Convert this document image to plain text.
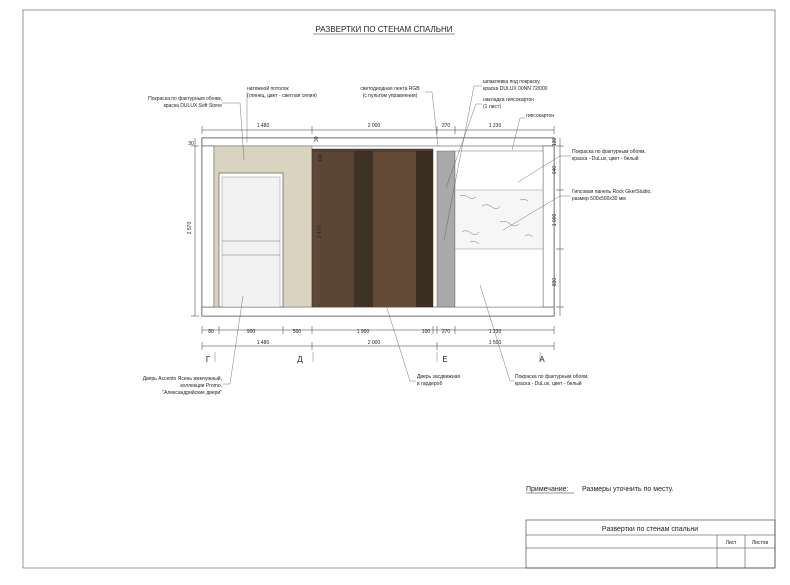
РАЗВЕРТКИ ПО СТЕНАМ СПАЛЬНИ
1 480	2 000	270	1 230
30
2 570
30
2 470
100
130
640
1 000
830
80	900	500	1 900	100 270	1 230
1 480	2 000	1 500
Г	Д	Е	А
Покраска по фактурным обоям,
краска DULUX Soft Stone
натяжной потолок
(глянец, цвет - светлая сепия)
светодиодная лента RGB
(с пультом управления)
шпаклевка под покраску,
краска DULUX 00NN 72/000
накладка гипсокартон
(1 лист)
гипсокартон
Покраска по фактурным обоям,
краска - DuLux, цвет - белый
Гипсовая панель Rock GkerStudio,
размер 500х500х30 мм
Дверь Accento Ясень жемчужный,
коллекции Promo,
"Александрийские двери"
Дверь засдвижная
в гардероб
Покраска по фактурным обоям,
краска - DuLux, цвет - белый
Примечание: Размеры уточнить по месту.
Развертки по стенам спальни
Лист	Листов
